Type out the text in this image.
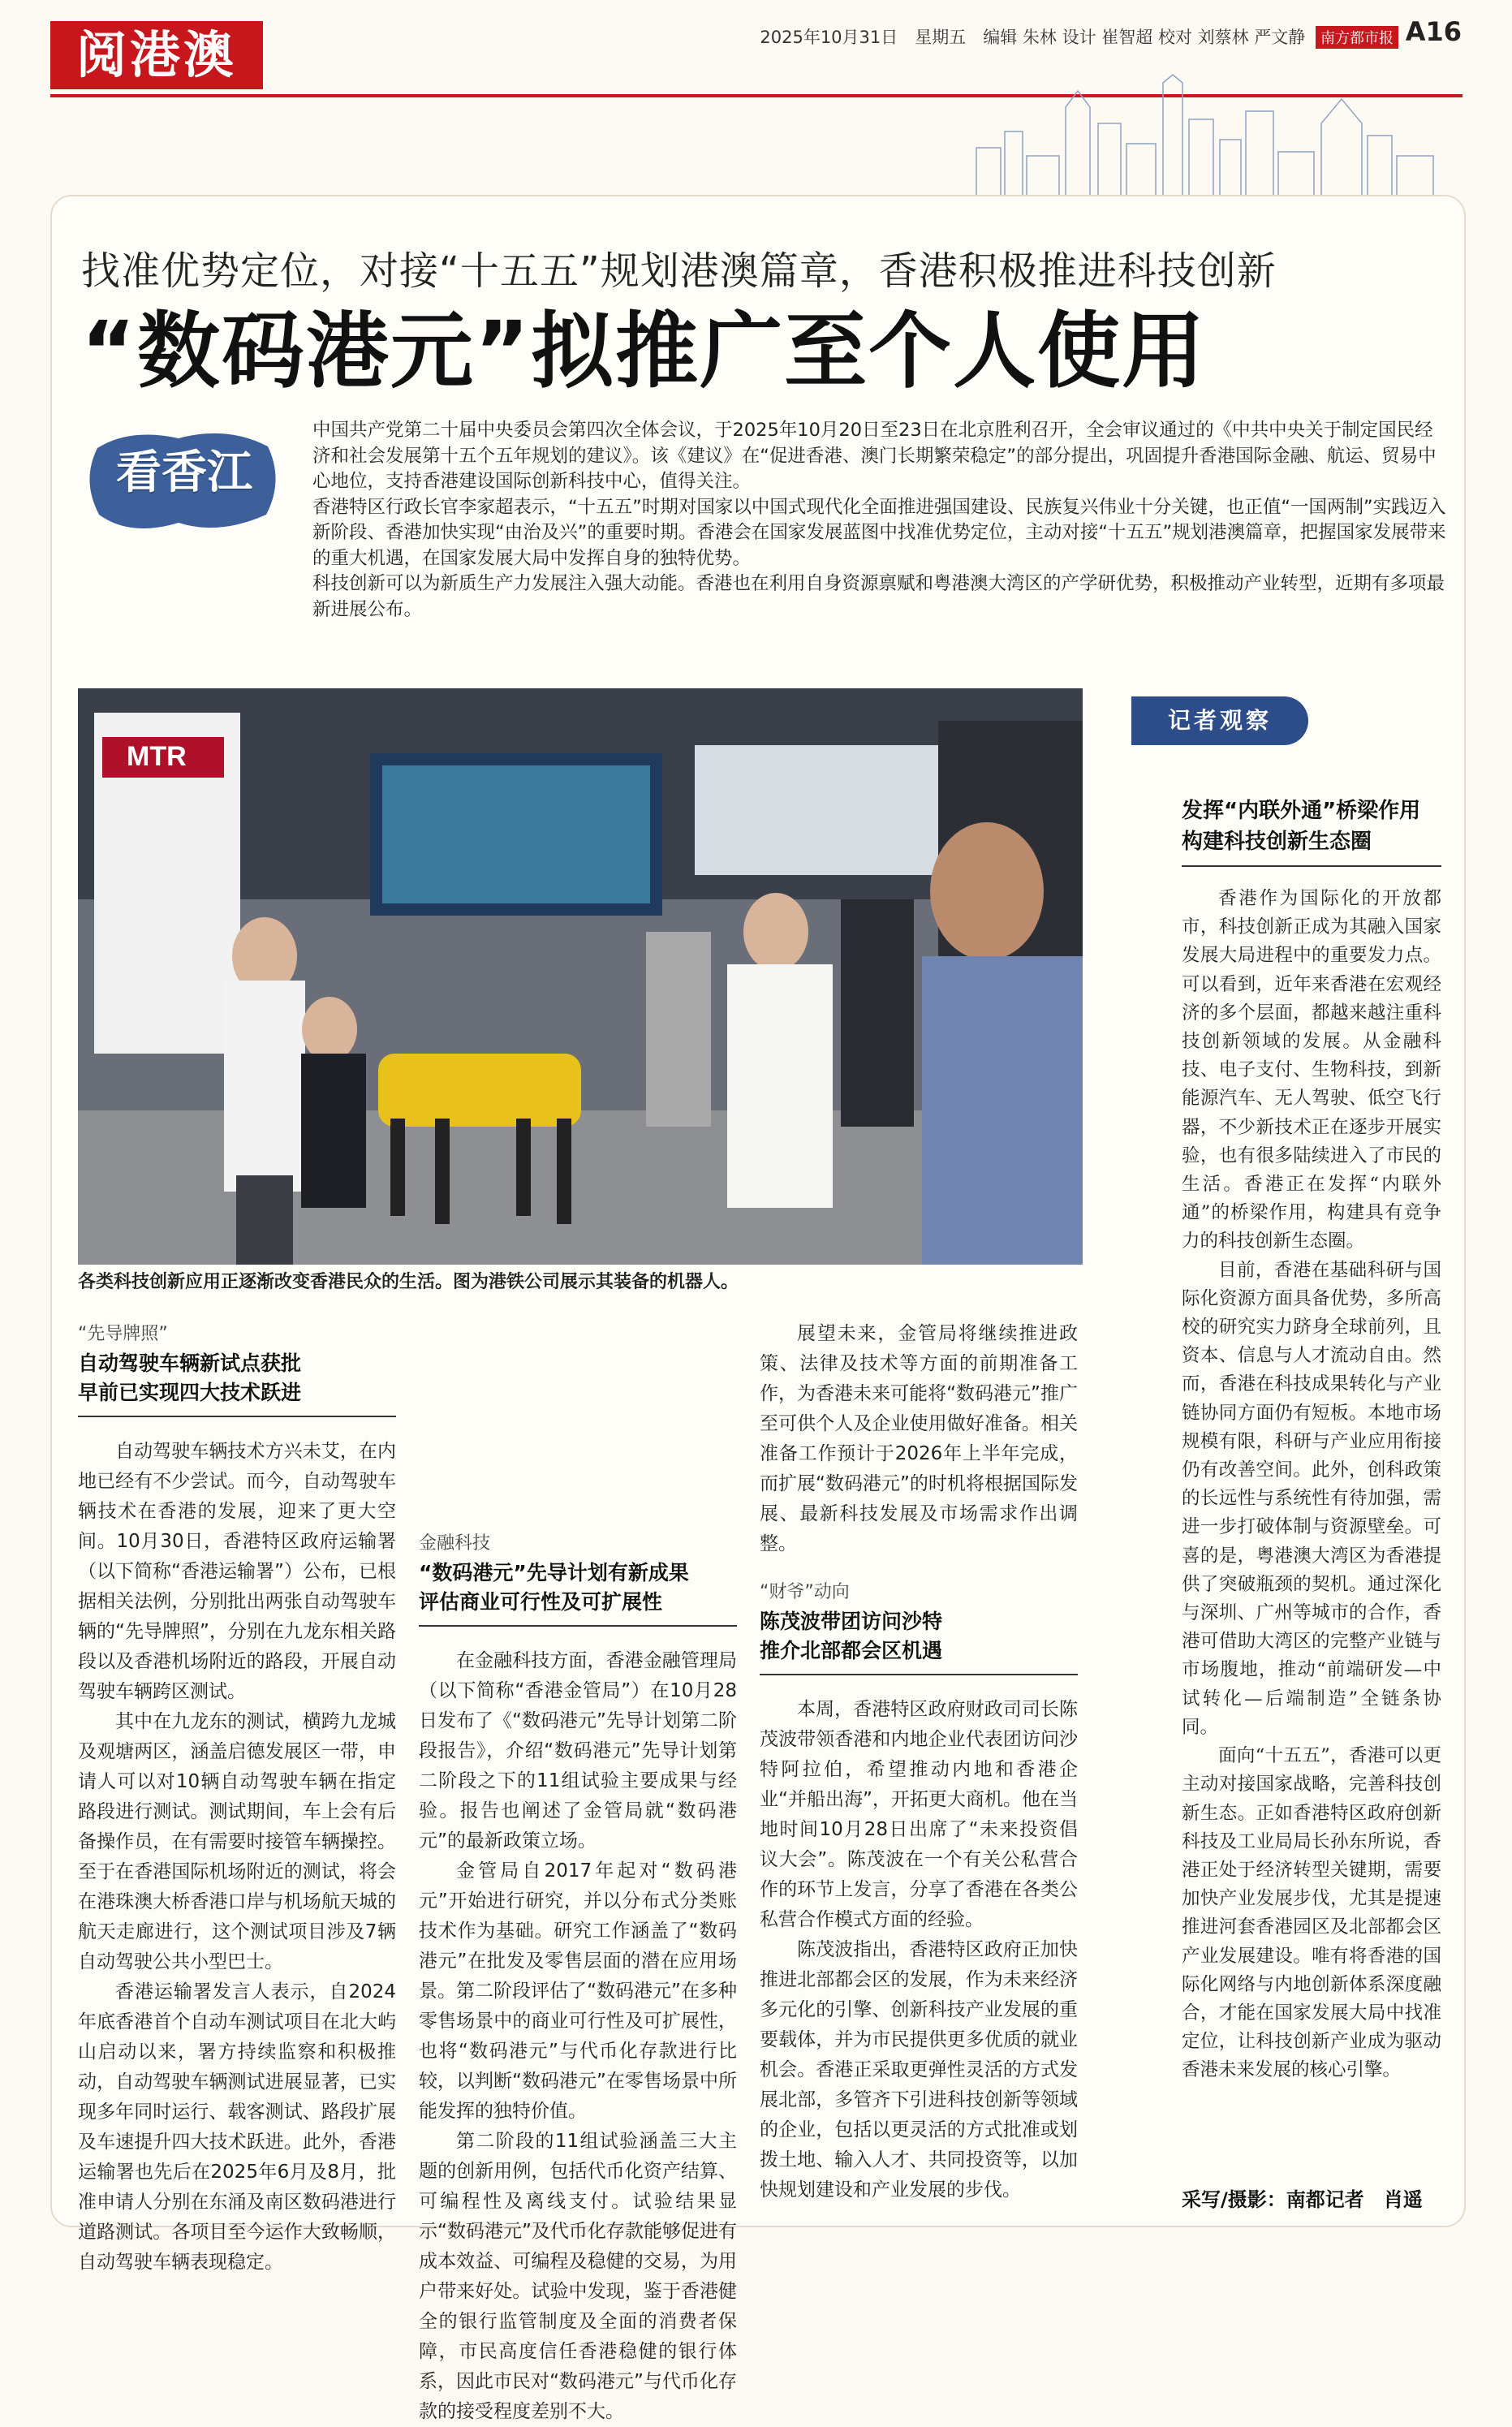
阅港澳	2025年10月31日　星期五　编辑 朱林 设计 崔智超 校对 刘蔡林 严文静 南方都市报 A16
找准优势定位，对接“十五五”规划港澳篇章，香港积极推进科技创新
“数码港元”拟推广至个人使用
看香江

中国共产党第二十届中央委员会第四次全体会议，于2025年10月20日至23日在北京胜利召开，全会审议通过的《中共中央关于制定国民经济和社会发展第十五个五年规划的建议》。该《建议》在“促进香港、澳门长期繁荣稳定”的部分提出，巩固提升香港国际金融、航运、贸易中心地位，支持香港建设国际创新科技中心，值得关注。

香港特区行政长官李家超表示，“十五五”时期对国家以中国式现代化全面推进强国建设、民族复兴伟业十分关键，也正值“一国两制”实践迈入新阶段、香港加快实现“由治及兴”的重要时期。香港会在国家发展蓝图中找准优势定位，主动对接“十五五”规划港澳篇章，把握国家发展带来的重大机遇，在国家发展大局中发挥自身的独特优势。

科技创新可以为新质生产力发展注入强大动能。香港也在利用自身资源禀赋和粤港澳大湾区的产学研优势，积极推动产业转型，近期有多项最新进展公布。

MTR
各类科技创新应用正逐渐改变香港民众的生活。图为港铁公司展示其装备的机器人。
“先导牌照”
自动驾驶车辆新试点获批
早前已实现四大技术跃进

自动驾驶车辆技术方兴未艾，在内地已经有不少尝试。而今，自动驾驶车辆技术在香港的发展，迎来了更大空间。10月30日，香港特区政府运输署（以下简称“香港运输署”）公布，已根据相关法例，分别批出两张自动驾驶车辆的“先导牌照”，分别在九龙东相关路段以及香港机场附近的路段，开展自动驾驶车辆跨区测试。

其中在九龙东的测试，横跨九龙城及观塘两区，涵盖启德发展区一带，申请人可以对10辆自动驾驶车辆在指定路段进行测试。测试期间，车上会有后备操作员，在有需要时接管车辆操控。至于在香港国际机场附近的测试，将会在港珠澳大桥香港口岸与机场航天城的航天走廊进行，这个测试项目涉及7辆自动驾驶公共小型巴士。

香港运输署发言人表示，自2024年底香港首个自动车测试项目在北大屿山启动以来，署方持续监察和积极推动，自动驾驶车辆测试进展显著，已实现多年同时运行、载客测试、路段扩展及车速提升四大技术跃进。此外，香港运输署也先后在2025年6月及8月，批准申请人分别在东涌及南区数码港进行道路测试。各项目至今运作大致畅顺，自动驾驶车辆表现稳定。

金融科技
“数码港元”先导计划有新成果
评估商业可行性及可扩展性

在金融科技方面，香港金融管理局（以下简称“香港金管局”）在10月28日发布了《“数码港元”先导计划第二阶段报告》，介绍“数码港元”先导计划第二阶段之下的11组试验主要成果与经验。报告也阐述了金管局就“数码港元”的最新政策立场。

金管局自2017年起对“数码港元”开始进行研究，并以分布式分类账技术作为基础。研究工作涵盖了“数码港元”在批发及零售层面的潜在应用场景。第二阶段评估了“数码港元”在多种零售场景中的商业可行性及可扩展性，也将“数码港元”与代币化存款进行比较，以判断“数码港元”在零售场景中所能发挥的独特价值。

第二阶段的11组试验涵盖三大主题的创新用例，包括代币化资产结算、可编程性及离线支付。试验结果显示“数码港元”及代币化存款能够促进有成本效益、可编程及稳健的交易，为用户带来好处。试验中发现，鉴于香港健全的银行监管制度及全面的消费者保障，市民高度信任香港稳健的银行体系，因此市民对“数码港元”与代币化存款的接受程度差别不大。

展望未来，金管局将继续推进政策、法律及技术等方面的前期准备工作，为香港未来可能将“数码港元”推广至可供个人及企业使用做好准备。相关准备工作预计于2026年上半年完成，而扩展“数码港元”的时机将根据国际发展、最新科技发展及市场需求作出调整。

“财爷”动向
陈茂波带团访问沙特
推介北部都会区机遇

本周，香港特区政府财政司司长陈茂波带领香港和内地企业代表团访问沙特阿拉伯，希望推动内地和香港企业“并船出海”，开拓更大商机。他在当地时间10月28日出席了“未来投资倡议大会”。陈茂波在一个有关公私营合作的环节上发言，分享了香港在各类公私营合作模式方面的经验。

陈茂波指出，香港特区政府正加快推进北部都会区的发展，作为未来经济多元化的引擎、创新科技产业发展的重要载体，并为市民提供更多优质的就业机会。香港正采取更弹性灵活的方式发展北部，多管齐下引进科技创新等领域的企业，包括以更灵活的方式批准或划拨土地、输入人才、共同投资等，以加快规划建设和产业发展的步伐。

记者观察
发挥“内联外通”桥梁作用
构建科技创新生态圈

香港作为国际化的开放都市，科技创新正成为其融入国家发展大局进程中的重要发力点。可以看到，近年来香港在宏观经济的多个层面，都越来越注重科技创新领域的发展。从金融科技、电子支付、生物科技，到新能源汽车、无人驾驶、低空飞行器，不少新技术正在逐步开展实验，也有很多陆续进入了市民的生活。香港正在发挥“内联外通”的桥梁作用，构建具有竞争力的科技创新生态圈。

目前，香港在基础科研与国际化资源方面具备优势，多所高校的研究实力跻身全球前列，且资本、信息与人才流动自由。然而，香港在科技成果转化与产业链协同方面仍有短板。本地市场规模有限，科研与产业应用衔接仍有改善空间。此外，创科政策的长远性与系统性有待加强，需进一步打破体制与资源壁垒。可喜的是，粤港澳大湾区为香港提供了突破瓶颈的契机。通过深化与深圳、广州等城市的合作，香港可借助大湾区的完整产业链与市场腹地，推动“前端研发—中试转化—后端制造”全链条协同。

面向“十五五”，香港可以更主动对接国家战略，完善科技创新生态。正如香港特区政府创新科技及工业局局长孙东所说，香港正处于经济转型关键期，需要加快产业发展步伐，尤其是提速推进河套香港园区及北部都会区产业发展建设。唯有将香港的国际化网络与内地创新体系深度融合，才能在国家发展大局中找准定位，让科技创新产业成为驱动香港未来发展的核心引擎。

采写/摄影：南都记者　肖遥
